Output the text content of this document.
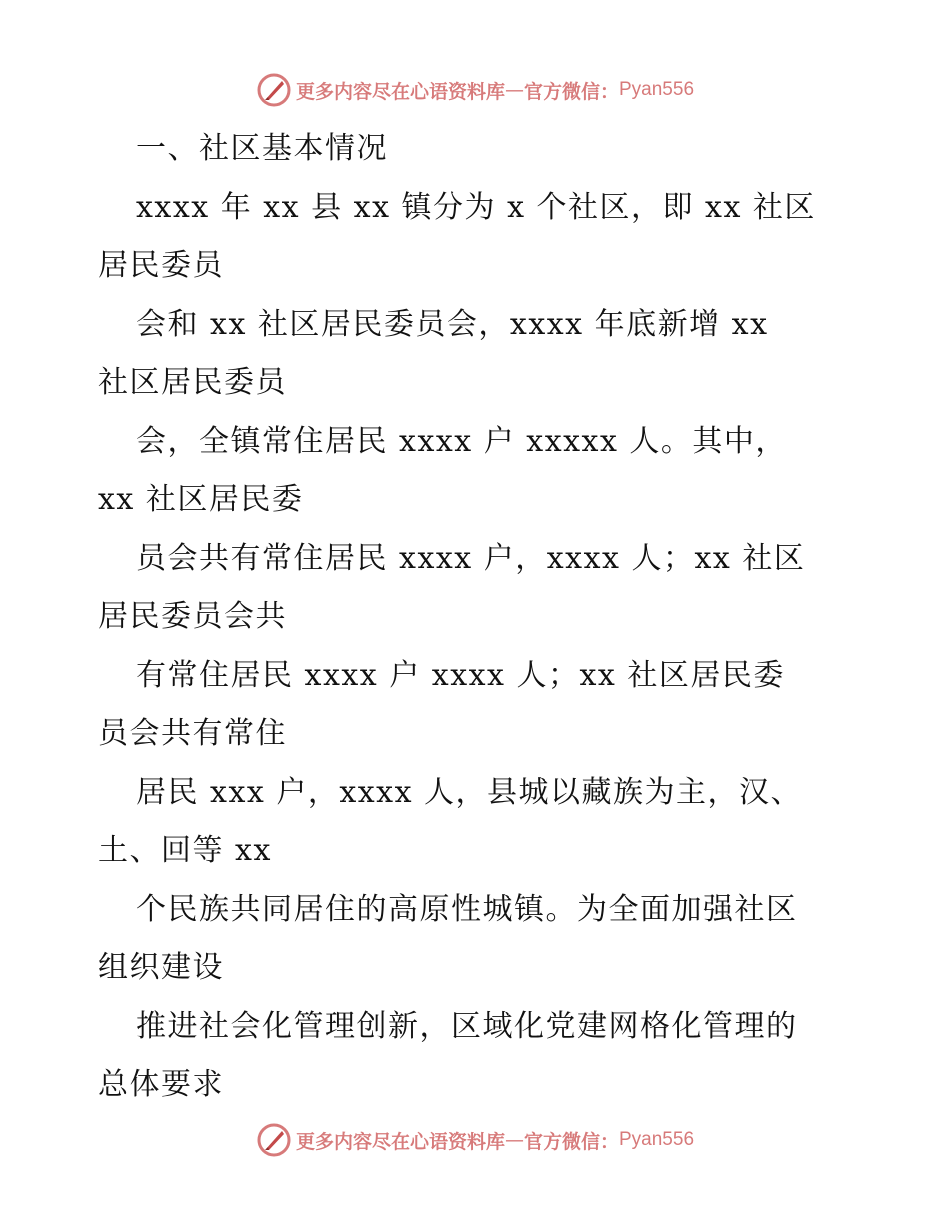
更多内容尽在心语资料库 — 官方微信： Pyan556
一、社区基本情况
xxxx 年 xx 县 xx 镇分为 x 个社区，即 xx 社区
居民委员
会和 xx 社区居民委员会，xxxx 年底新增 xx
社区居民委员
会，全镇常住居民 xxxx 户 xxxxx 人。其中，
xx 社区居民委
员会共有常住居民 xxxx 户，xxxx 人；xx 社区
居民委员会共
有常住居民 xxxx 户 xxxx 人；xx 社区居民委
员会共有常住
居民 xxx 户，xxxx 人，县城以藏族为主，汉、
土、回等 xx
个民族共同居住的高原性城镇。为全面加强社区
组织建设
推进社会化管理创新，区域化党建网格化管理的
总体要求
更多内容尽在心语资料库 — 官方微信： Pyan556
